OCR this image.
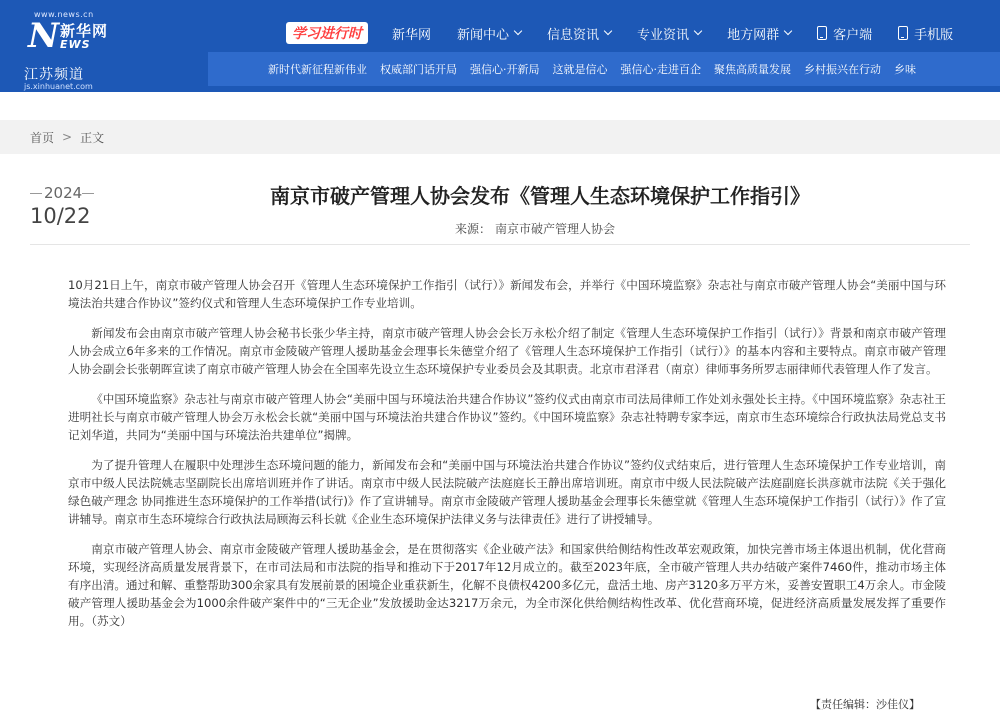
www.news.cn
N 新华网
EWS
江苏频道
js.xinhuanet.com
学习进行时	新华网 新闻中心	信息资讯	专业资讯	地方网群	客户端	手机版
新时代新征程新伟业 权威部门话开局 强信心·开新局 这就是信心 强信心·走进百企 聚焦高质量发展 乡村振兴在行动 乡味
首页 > 正文
2024
10/22
南京市破产管理人协会发布《管理人生态环境保护工作指引》
来源： 南京市破产管理人协会

10月21日上午，南京市破产管理人协会召开《管理人生态环境保护工作指引（试行）》新闻发布会，并举行《中国环境监察》杂志社与南京市破产管理人协会“美丽中国与环境法治共建合作协议”签约仪式和管理人生态环境保护工作专业培训。

新闻发布会由南京市破产管理人协会秘书长张少华主持，南京市破产管理人协会会长万永松介绍了制定《管理人生态环境保护工作指引（试行）》背景和南京市破产管理人协会成立6年多来的工作情况。南京市金陵破产管理人援助基金会理事长朱德堂介绍了《管理人生态环境保护工作指引（试行）》的基本内容和主要特点。南京市破产管理人协会副会长张朝晖宣读了南京市破产管理人协会在全国率先设立生态环境保护专业委员会及其职责。北京市君泽君（南京）律师事务所罗志丽律师代表管理人作了发言。

《中国环境监察》杂志社与南京市破产管理人协会“美丽中国与环境法治共建合作协议”签约仪式由南京市司法局律师工作处刘永强处长主持。《中国环境监察》杂志社王进明社长与南京市破产管理人协会万永松会长就“美丽中国与环境法治共建合作协议”签约。《中国环境监察》杂志社特聘专家李远，南京市生态环境综合行政执法局党总支书记刘华道，共同为“美丽中国与环境法治共建单位”揭牌。

为了提升管理人在履职中处理涉生态环境问题的能力，新闻发布会和“美丽中国与环境法治共建合作协议”签约仪式结束后，进行管理人生态环境保护工作专业培训，南京市中级人民法院姚志坚副院长出席培训班并作了讲话。南京市中级人民法院破产法庭庭长王静出席培训班。南京市中级人民法院破产法庭副庭长洪彦就市法院《关于强化绿色破产理念 协同推进生态环境保护的工作举措(试行)》作了宣讲辅导。南京市金陵破产管理人援助基金会理事长朱德堂就《管理人生态环境保护工作指引（试行）》作了宣讲辅导。南京市生态环境综合行政执法局顾海云科长就《企业生态环境保护法律义务与法律责任》进行了讲授辅导。

南京市破产管理人协会、南京市金陵破产管理人援助基金会，是在贯彻落实《企业破产法》和国家供给侧结构性改革宏观政策，加快完善市场主体退出机制，优化营商环境，实现经济高质量发展背景下，在市司法局和市法院的指导和推动下于2017年12月成立的。截至2023年底，全市破产管理人共办结破产案件7460件，推动市场主体有序出清。通过和解、重整帮助300余家具有发展前景的困境企业重获新生，化解不良债权4200多亿元，盘活土地、房产3120多万平方米，妥善安置职工4万余人。市金陵破产管理人援助基金会为1000余件破产案件中的“三无企业”发放援助金达3217万余元，为全市深化供给侧结构性改革、优化营商环境，促进经济高质量发展发挥了重要作用。（苏文）

【责任编辑：沙佳仪】
